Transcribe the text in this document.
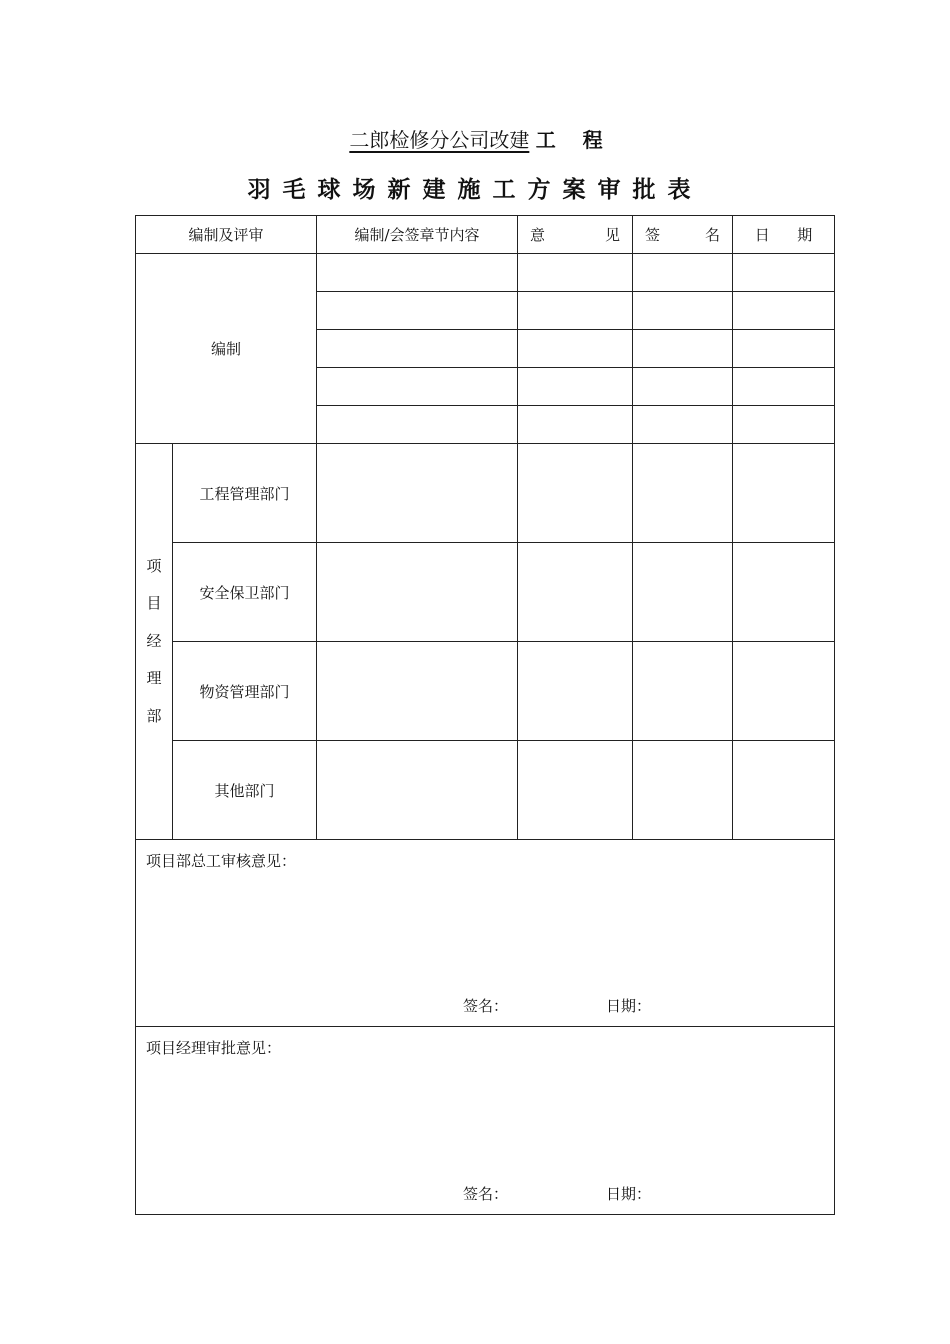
二郎检修分公司改建 工 程
羽毛球场新建施工方案审批表
编制及评审		编制/会签章节内容	意 见	签 名	日 期

编制					

项
目
经
理
部	工程管理部门				
	安全保卫部门				
	物资管理部门				
	其他部门				

项目部总工审核意见：
签名： 日期：					

项目经理审批意见：
签名： 日期：					
